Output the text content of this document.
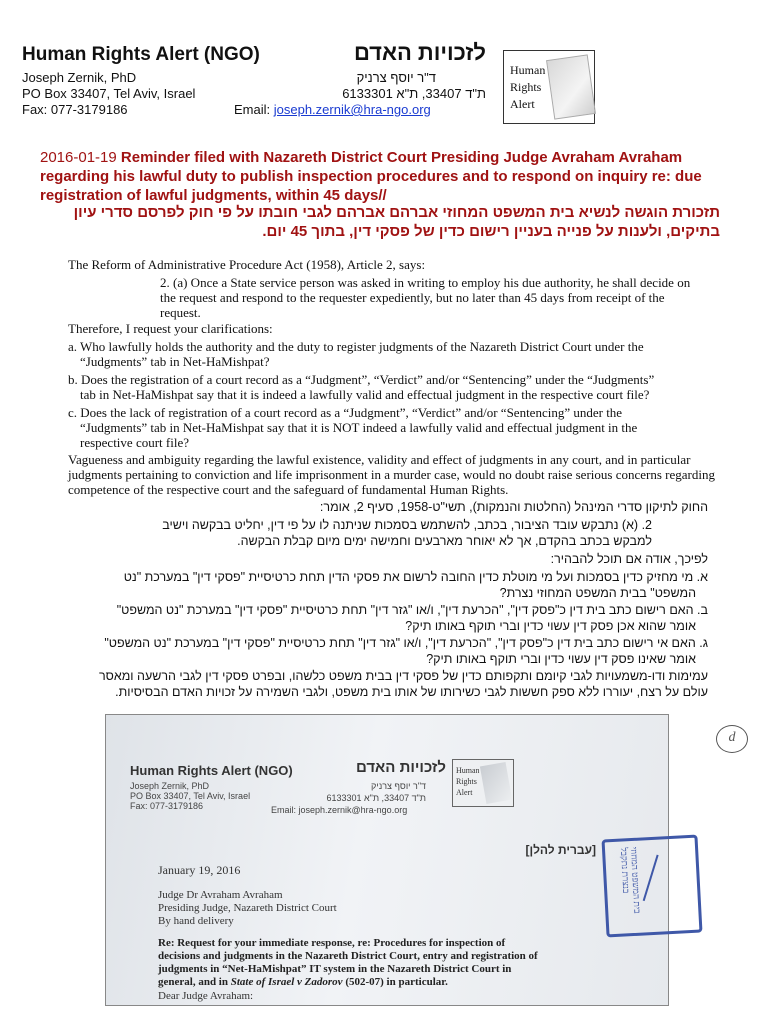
Human Rights Alert (NGO)	לזכויות האדם
Joseph Zernik, PhD
PO Box 33407, Tel Aviv, Israel
Fax: 077-3179186
ד"ר יוסף צרניק
ת"ד 33407, ת"א 6133301
Email: joseph.zernik@hra-ngo.org
Human
Rights
Alert
2016-01-19 Reminder filed with Nazareth District Court Presiding Judge Avraham Avraham regarding his lawful duty to publish inspection procedures and to respond on inquiry re: due registration of lawful judgments, within 45 days//
תזכורת הוגשה לנשיא בית המשפט המחוזי אברהם אברהם לגבי חובתו על פי חוק לפרסם סדרי עיון בתיקים, ולענות על פנייה בעניין רישום כדין של פסקי דין, בתוך 45 יום.
The Reform of Administrative Procedure Act (1958), Article 2, says:
2. (a) Once a State service person was asked in writing to employ his due authority, he shall decide on the request and respond to the requester expediently, but no later than 45 days from receipt of the request.
Therefore, I request your clarifications:
a. Who lawfully holds the authority and the duty to register judgments of the Nazareth District Court under the
“Judgments” tab in Net-HaMishpat?
b. Does the registration of a court record as a “Judgment”, “Verdict” and/or “Sentencing” under the “Judgments”
tab in Net-HaMishpat say that it is indeed a lawfully valid and effectual judgment in the respective court file?
c. Does the lack of registration of a court record as a “Judgment”, “Verdict” and/or “Sentencing” under the
“Judgments” tab in Net-HaMishpat say that it is NOT indeed a lawfully valid and effectual judgment in the
respective court file?
Vagueness and ambiguity regarding the lawful existence, validity and effect of judgments in any court, and in particular judgments pertaining to conviction and life imprisonment in a murder case, would no doubt raise serious concerns regarding competence of the respective court and the safeguard of fundamental Human Rights.
החוק לתיקון סדרי המינהל (החלטות והנמקות), תשי"ט-1958, סעיף 2, אומר:
2. (א) נתבקש עובד הציבור, בכתב, להשתמש בסמכות שניתנה לו על פי דין, יחליט בבקשה וישיב
למבקש בכתב בהקדם, אך לא יאוחר מארבעים וחמישה ימים מיום קבלת הבקשה.
לפיכך, אודה אם תוכל להבהיר:
א. מי מחזיק כדין בסמכות ועל מי מוטלת כדין החובה לרשום את פסקי הדין תחת כרטיסיית "פסקי דין" במערכת "נט
המשפט" בבית המשפט המחוזי נצרת?
ב. האם רישום כתב בית דין כ"פסק דין", "הכרעת דין", ו/או "גזר דין" תחת כרטיסיית "פסקי דין" במערכת "נט המשפט"
אומר שהוא אכן פסק דין עשוי כדין וברי תוקף באותו תיק?
ג. האם אי רישום כתב בית דין כ"פסק דין", "הכרעת דין", ו/או "גזר דין" תחת כרטיסיית "פסקי דין" במערכת "נט המשפט"
אומר שאינו פסק דין עשוי כדין וברי תוקף באותו תיק?
עמימות ודו-משמעויות לגבי קיומם ותקפותם כדין של פסקי דין בבית משפט כלשהו, ובפרט פסקי דין לגבי הרשעה ומאסר עולם על רצח, יעוררו ללא ספק חששות לגבי כשירותו של אותו בית משפט, ולגבי השמירה על זכויות האדם הבסיסיות.
Human Rights Alert (NGO)	לזכויות האדם
Joseph Zernik, PhD
PO Box 33407, Tel Aviv, Israel
Fax: 077-3179186
ד"ר יוסף צרניק
ת"ד 33407, ת"א 6133301
Email: joseph.zernik@hra-ngo.org
Human
Rights
Alert
d
[עברית להלן]
January 19, 2016
Judge Dr Avraham Avraham
Presiding Judge, Nazareth District Court
By hand delivery
Re: Request for your immediate response, re: Procedures for inspection of
decisions and judgments in the Nazareth District Court, entry and registration of
judgments in “Net-HaMishpat” IT system in the Nazareth District Court in
general, and in State of Israel v Zadorov (502-07) in particular.
Dear Judge Avraham:
בית המשפט המחוזי בנצרת נתקבל
